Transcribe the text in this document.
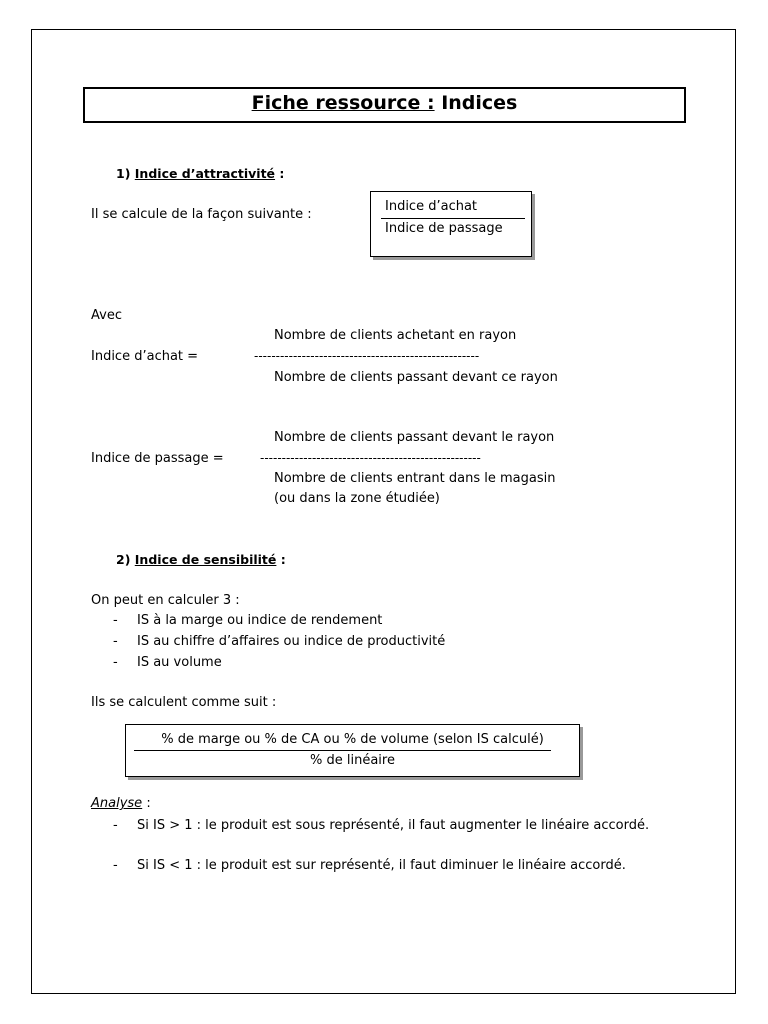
Fiche ressource : Indices
1) Indice d’attractivité :
Il se calcule de la façon suivante :
Indice d’achat
Indice de passage
Avec
Nombre de clients achetant en rayon
Indice d’achat =	----------------------------------------------------
Nombre de clients passant devant ce rayon
Nombre de clients passant devant le rayon
Indice de passage =	---------------------------------------------------
Nombre de clients entrant dans le magasin
(ou dans la zone étudiée)
2) Indice de sensibilité :
On peut en calculer 3 :
- IS à la marge ou indice de rendement
- IS au chiffre d’affaires ou indice de productivité
- IS au volume
Ils se calculent comme suit :
% de marge ou % de CA ou % de volume (selon IS calculé)
% de linéaire
Analyse :
- Si IS > 1 : le produit est sous représenté, il faut augmenter le linéaire accordé.
- Si IS < 1 : le produit est sur représenté, il faut diminuer le linéaire accordé.
